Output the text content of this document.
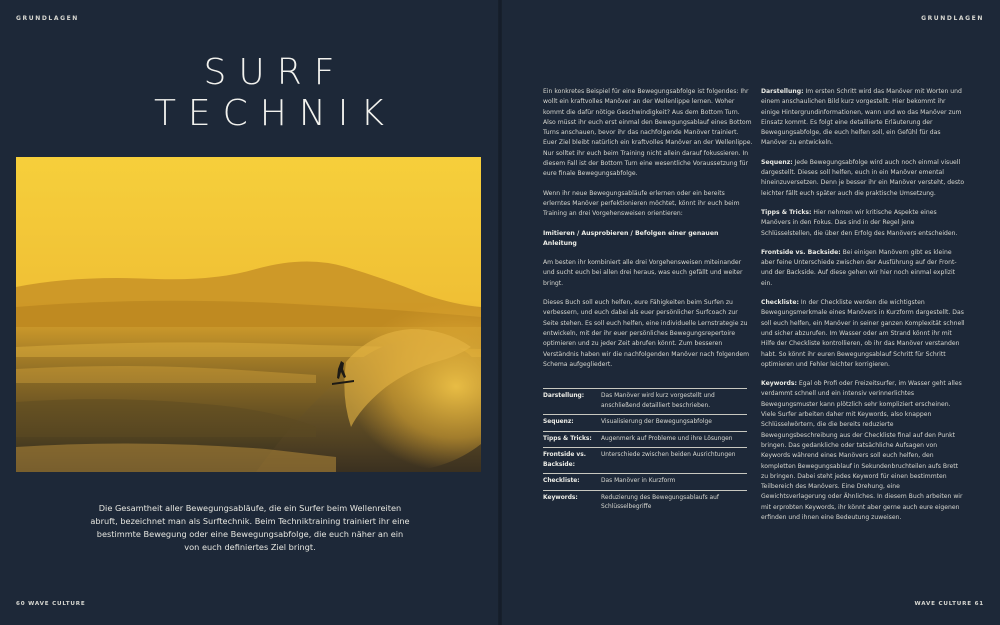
GRUNDLAGEN	GRUNDLAGEN
SURF
TECHNIK
Die Gesamtheit aller Bewegungsabläufe, die ein Surfer beim Wellenreiten abruft, bezeichnet man als Surftechnik. Beim Techniktraining trainiert ihr eine bestimmte Bewegung oder eine Bewegungsabfolge, die euch näher an ein von euch definiertes Ziel bringt.

Ein konkretes Beispiel für eine Bewegungsabfolge ist folgendes: Ihr wollt ein kraftvolles Manöver an der Wellenlippe lernen. Woher kommt die dafür nötige Geschwindigkeit? Aus dem Bottom Turn. Also müsst ihr euch erst einmal den Bewegungsablauf eines Bottom Turns anschauen, bevor ihr das nachfolgende Manöver trainiert. Euer Ziel bleibt natürlich ein kraftvolles Manöver an der Wellenlippe. Nur solltet ihr euch beim Training nicht allein darauf fokussieren. In diesem Fall ist der Bottom Turn eine wesentliche Voraussetzung für eure finale Bewegungsabfolge.

Wenn ihr neue Bewegungsabläufe erlernen oder ein bereits erlerntes Manöver perfektionieren möchtet, könnt ihr euch beim Training an drei Vorgehensweisen orientieren:

Imitieren / Ausprobieren / Befolgen einer genauen Anleitung

Am besten ihr kombiniert alle drei Vorgehensweisen miteinander und sucht euch bei allen drei heraus, was euch gefällt und weiter bringt.

Dieses Buch soll euch helfen, eure Fähigkeiten beim Surfen zu verbessern, und euch dabei als euer persönlicher Surfcoach zur Seite stehen. Es soll euch helfen, eine individuelle Lernstrategie zu entwickeln, mit der ihr euer persönliches Bewegungsrepertoire optimieren und zu jeder Zeit abrufen könnt. Zum besseren Verständnis haben wir die nachfolgenden Manöver nach folgendem Schema aufgegliedert.

Darstellung:	Das Manöver wird kurz vorgestellt und anschließend detailliert beschrieben.
Sequenz:	Visualisierung der Bewegungsabfolge
Tipps & Tricks:	Augenmerk auf Probleme und ihre Lösungen
Frontside vs. Backside:	Unterschiede zwischen beiden Ausrichtungen
Checkliste:	Das Manöver in Kurzform
Keywords:	Reduzierung des Bewegungsablaufs auf Schlüsselbegriffe

Darstellung: Im ersten Schritt wird das Manöver mit Worten und einem anschaulichen Bild kurz vorgestellt. Hier bekommt ihr einige Hintergrundinformationen, wann und wo das Manöver zum Einsatz kommt. Es folgt eine detaillierte Erläuterung der Bewegungsabfolge, die euch helfen soll, ein Gefühl für das Manöver zu entwickeln.

Sequenz: Jede Bewegungsabfolge wird auch noch einmal visuell dargestellt. Dieses soll helfen, euch in ein Manöver emental hineinzuversetzen. Denn je besser ihr ein Manöver versteht, desto leichter fällt euch später auch die praktische Umsetzung.

Tipps & Tricks: Hier nehmen wir kritische Aspekte eines Manövers in den Fokus. Das sind in der Regel jene Schlüsselstellen, die über den Erfolg des Manövers entscheiden.

Frontside vs. Backside: Bei einigen Manövern gibt es kleine aber feine Unterschiede zwischen der Ausführung auf der Front- und der Backside. Auf diese gehen wir hier noch einmal explizit ein.

Checkliste: In der Checkliste werden die wichtigsten Bewegungsmerkmale eines Manövers in Kurzform dargestellt. Das soll euch helfen, ein Manöver in seiner ganzen Komplexität schnell und sicher abzurufen. Im Wasser oder am Strand könnt ihr mit Hilfe der Checkliste kontrollieren, ob ihr das Manöver verstanden habt. So könnt ihr euren Bewegungsablauf Schritt für Schritt optimieren und Fehler leichter korrigieren.

Keywords: Egal ob Profi oder Freizeitsurfer, im Wasser geht alles verdammt schnell und ein intensiv verinnerlichtes Bewegungsmuster kann plötzlich sehr kompliziert erscheinen. Viele Surfer arbeiten daher mit Keywords, also knappen Schlüsselwörtern, die die bereits reduzierte Bewegungsbeschreibung aus der Checkliste final auf den Punkt bringen. Das gedankliche oder tatsächliche Aufsagen von Keywords während eines Manövers soll euch helfen, den kompletten Bewegungsablauf in Sekundenbruchteilen aufs Brett zu bringen. Dabei steht jedes Keyword für einen bestimmten Teilbereich des Manövers. Eine Drehung, eine Gewichtsverlagerung oder Ähnliches. In diesem Buch arbeiten wir mit erprobten Keywords, ihr könnt aber gerne auch eure eigenen erfinden und ihnen eine Bedeutung zuweisen.

60 WAVE CULTURE	WAVE CULTURE 61
